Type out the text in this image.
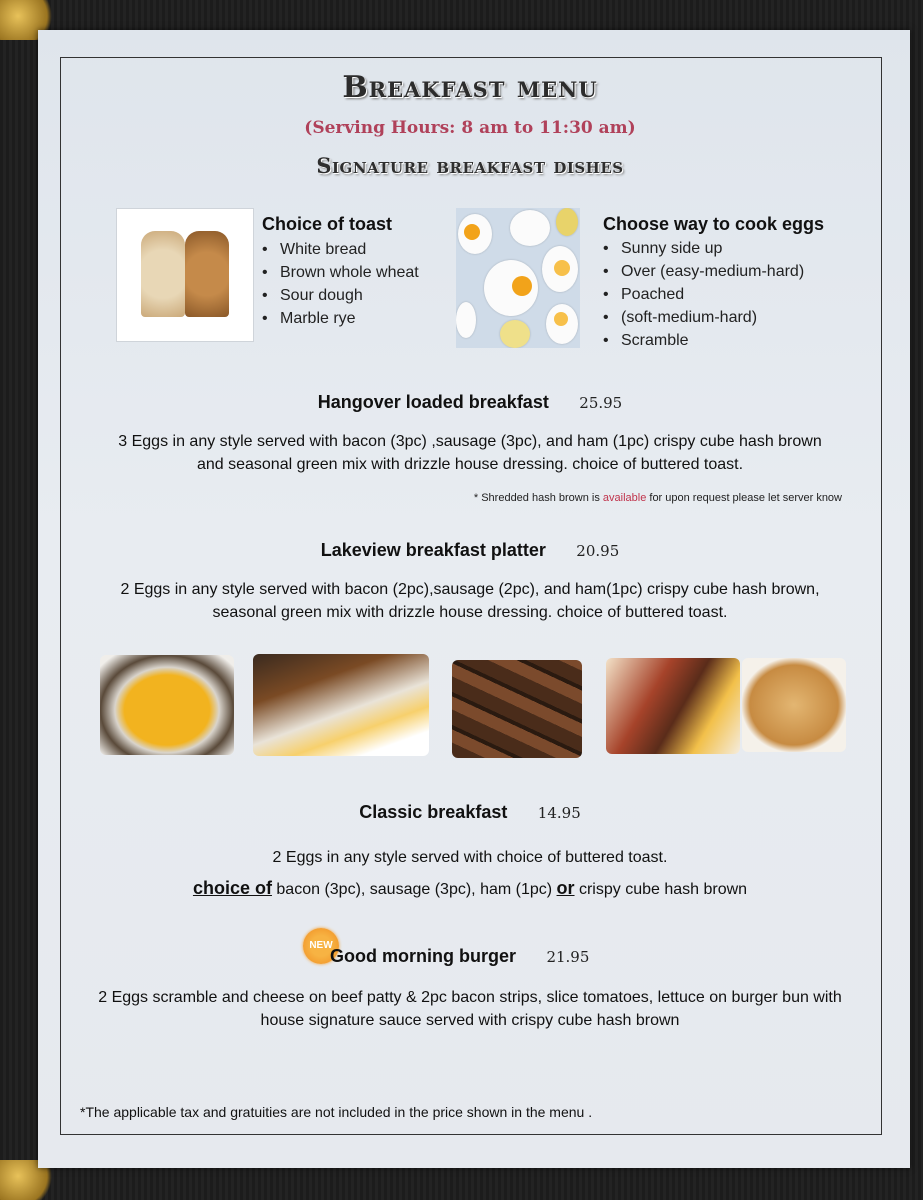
Breakfast menu
(Serving Hours: 8 am to 11:30 am)
Signature breakfast dishes
Choice of toast
• White bread
• Brown whole wheat
• Sour dough
• Marble rye
Choose way to cook eggs
• Sunny side up
• Over (easy-medium-hard)
• Poached
• (soft-medium-hard)
• Scramble
Hangover loaded breakfast 25.95
3 Eggs in any style served with bacon (3pc) ,sausage (3pc), and ham (1pc) crispy cube hash brown
and seasonal green mix with drizzle house dressing. choice of buttered toast.
* Shredded hash brown is available for upon request please let server know
Lakeview breakfast platter 20.95
2 Eggs in any style served with bacon (2pc),sausage (2pc), and ham(1pc) crispy cube hash brown,
seasonal green mix with drizzle house dressing. choice of buttered toast.
Classic breakfast 14.95
2 Eggs in any style served with choice of buttered toast.
choice of bacon (3pc), sausage (3pc), ham (1pc) or crispy cube hash brown
NEW
Good morning burger 21.95
2 Eggs scramble and cheese on beef patty & 2pc bacon strips, slice tomatoes, lettuce on burger bun with
house signature sauce served with crispy cube hash brown
*The applicable tax and gratuities are not included in the price shown in the menu .
